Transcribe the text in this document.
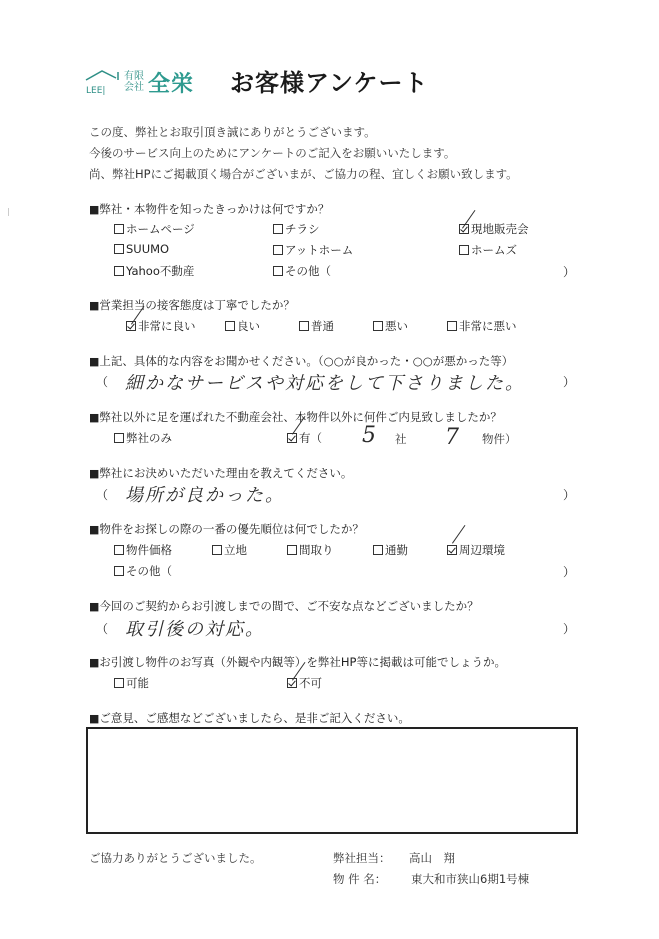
LEE|
有限
会社 全栄 お客様アンケート
この度、弊社とお取引頂き誠にありがとうございます。
今後のサービス向上のためにアンケートのご記入をお願いいたします。
尚、弊社HPにご掲載頂く場合がございまが、ご協力の程、宜しくお願い致します。
■ 弊社・本物件を知ったきっかけは何ですか？
ホームページ	チラシ	現地販売会
SUUMO	アットホーム	ホームズ
Yahoo不動産	その他（	）
■ 営業担当の接客態度は丁寧でしたか？
非常に良い	良い	普通	悪い	非常に悪い
■ 上記、具体的な内容をお聞かせください。（○○が良かった・○○が悪かった等）
（ 細かなサービスや対応をして下さりました。	）
■ 弊社以外に足を運ばれた不動産会社、本物件以外に何件ご内見致しましたか？
弊社のみ	有（ 5 社 7 物件）
■ 弊社にお決めいただいた理由を教えてください。
（ 場所が良かった。	）
■ 物件をお探しの際の一番の優先順位は何でしたか？
物件価格	立地	間取り	通勤	周辺環境
その他（	）
■ 今回のご契約からお引渡しまでの間で、ご不安な点などございましたか？
（ 取引後の対応。	）
■ お引渡し物件のお写真（外観や内観等）を弊社HP等に掲載は可能でしょうか。
可能	不可
■ ご意見、ご感想などございましたら、是非ご記入ください。
ご協力ありがとうございました。	弊社担当： 高山　翔
物 件 名： 東大和市狭山6期1号棟
